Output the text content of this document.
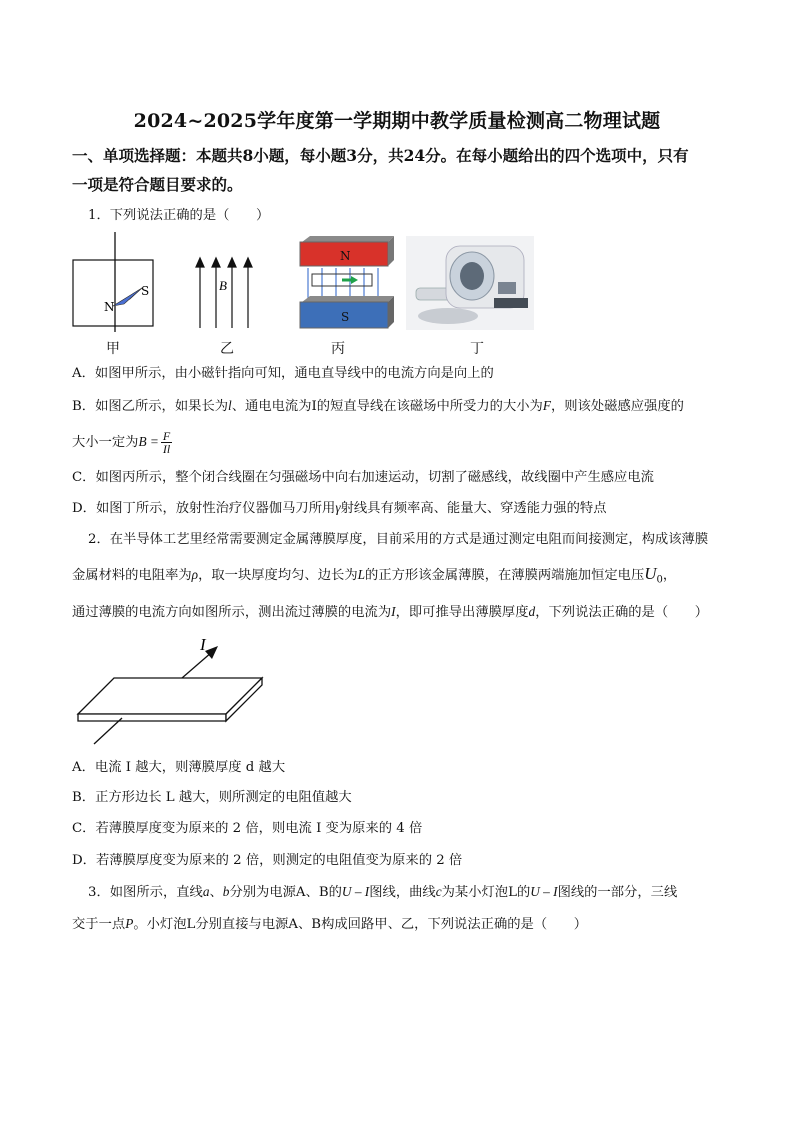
2024~2025学年度第一学期期中教学质量检测高二物理试题
一、单项选择题：本题共8小题，每小题3分，共24分。在每小题给出的四个选项中，只有
一项是符合题目要求的。
1．下列说法正确的是（　　）
N
S	B
N
S
甲	乙	丙	丁
A．如图甲所示，由小磁针指向可知，通电直导线中的电流方向是向上的
B．如图乙所示，如果长为l、通电电流为I的短直导线在该磁场中所受力的大小为F，则该处磁感应强度的
大小一定为$B = \frac{F}{Il}$
C．如图丙所示，整个闭合线圈在匀强磁场中向右加速运动，切割了磁感线，故线圈中产生感应电流
D．如图丁所示，放射性治疗仪器伽马刀所用γ射线具有频率高、能量大、穿透能力强的特点
2．在半导体工艺里经常需要测定金属薄膜厚度，目前采用的方式是通过测定电阻而间接测定，构成该薄膜
金属材料的电阻率为ρ，取一块厚度均匀、边长为L的正方形该金属薄膜，在薄膜两端施加恒定电压$U_0$，
通过薄膜的电流方向如图所示，测出流过薄膜的电流为I，即可推导出薄膜厚度d，下列说法正确的是（　　）
I
A．电流 I 越大，则薄膜厚度 d 越大
B．正方形边长 L 越大，则所测定的电阻值越大
C．若薄膜厚度变为原来的 2 倍，则电流 I 变为原来的 4 倍
D．若薄膜厚度变为原来的 2 倍，则测定的电阻值变为原来的 2 倍
3．如图所示，直线a、b分别为电源A、B的U – I图线，曲线c为某小灯泡L的U – I图线的一部分，三线
交于一点P。小灯泡L分别直接与电源A、B构成回路甲、乙，下列说法正确的是（　　）
